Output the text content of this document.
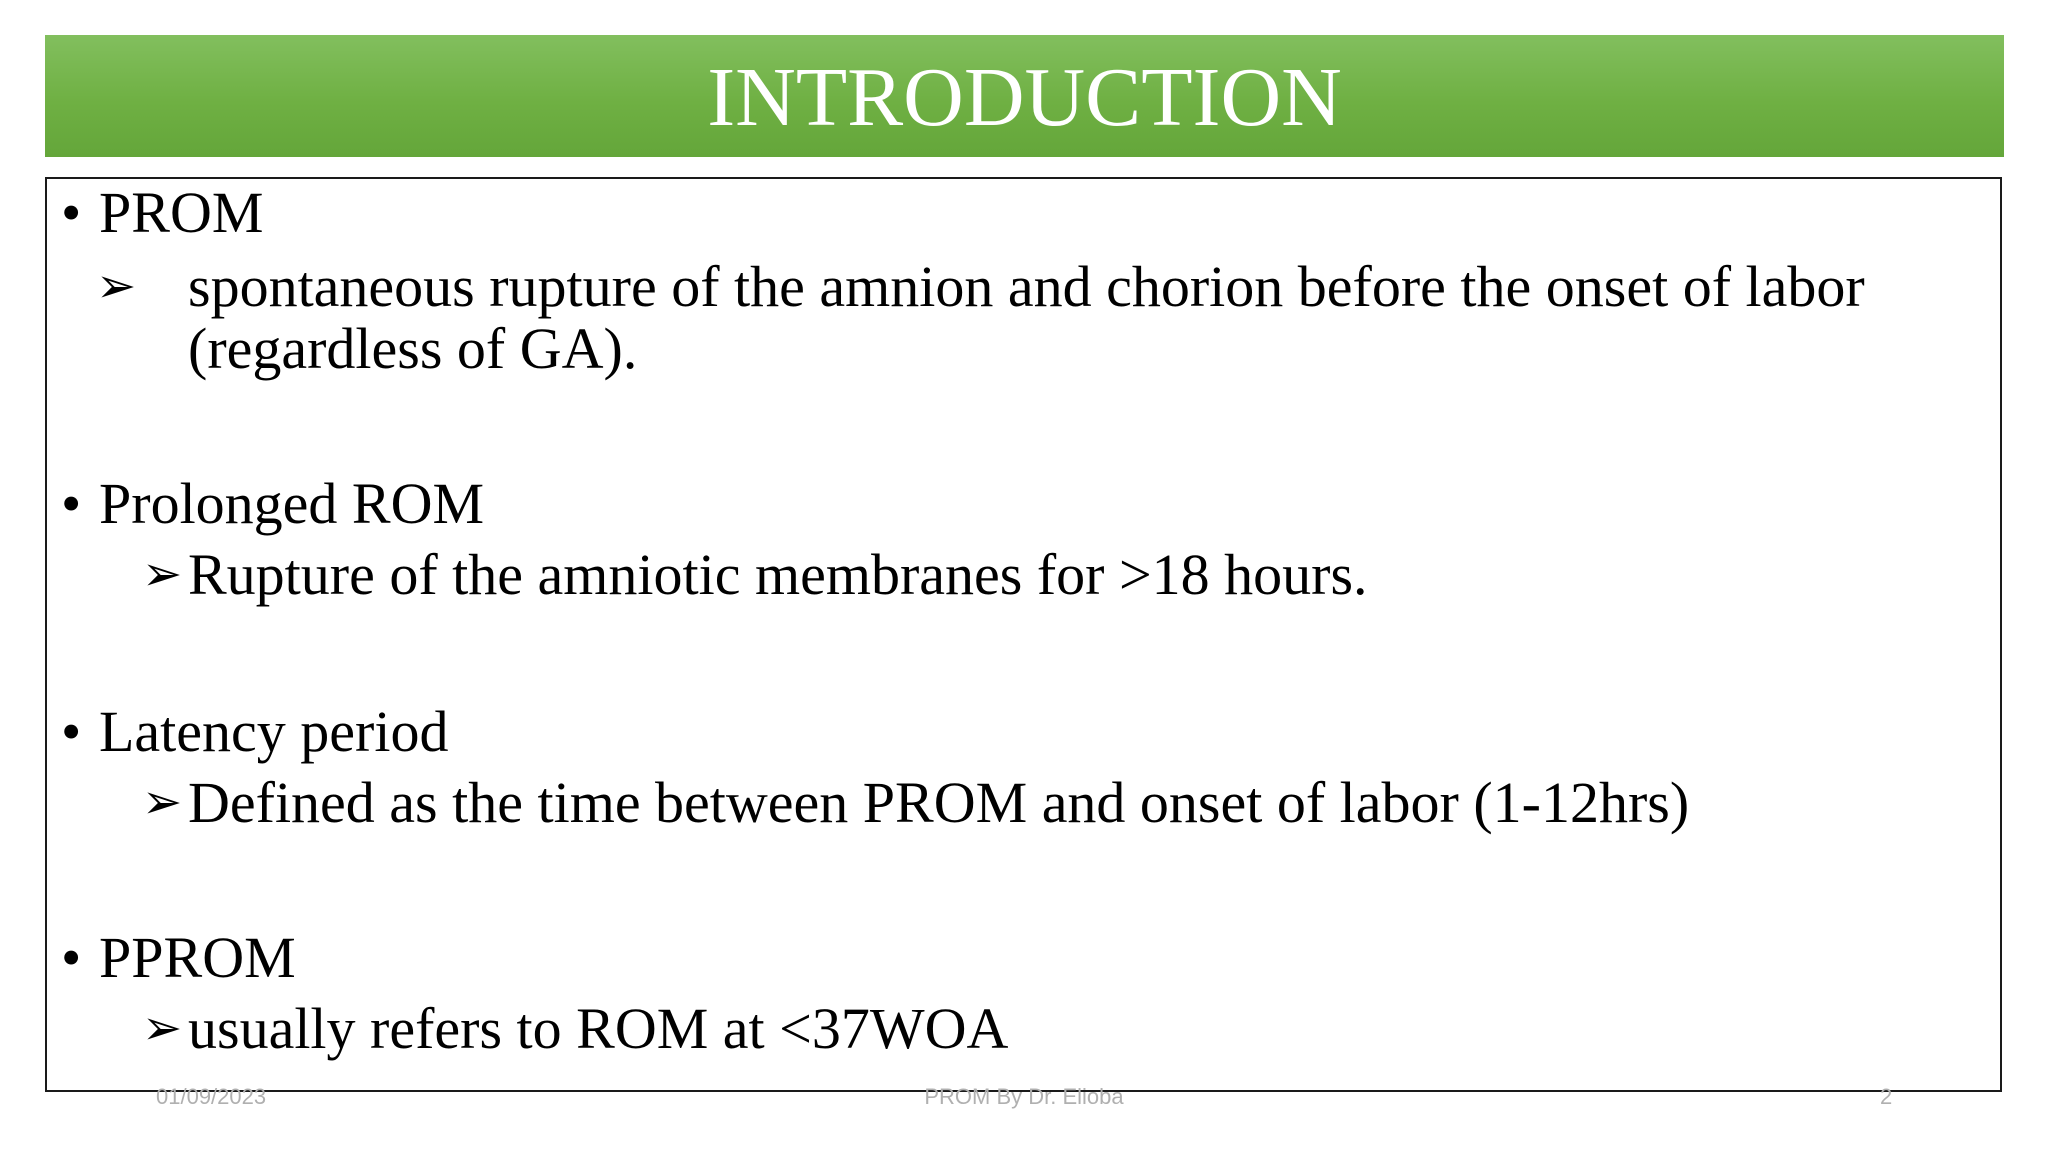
INTRODUCTION
• PROM
➢ spontaneous rupture of the amnion and chorion before the onset of labor (regardless of GA).
• Prolonged ROM
➢Rupture of the amniotic membranes for >18 hours.
• Latency period
➢Defined as the time between PROM and onset of labor (1-12hrs)
• PPROM
➢usually refers to ROM at <37WOA
01/09/2023	PROM By Dr. Elioba	2
